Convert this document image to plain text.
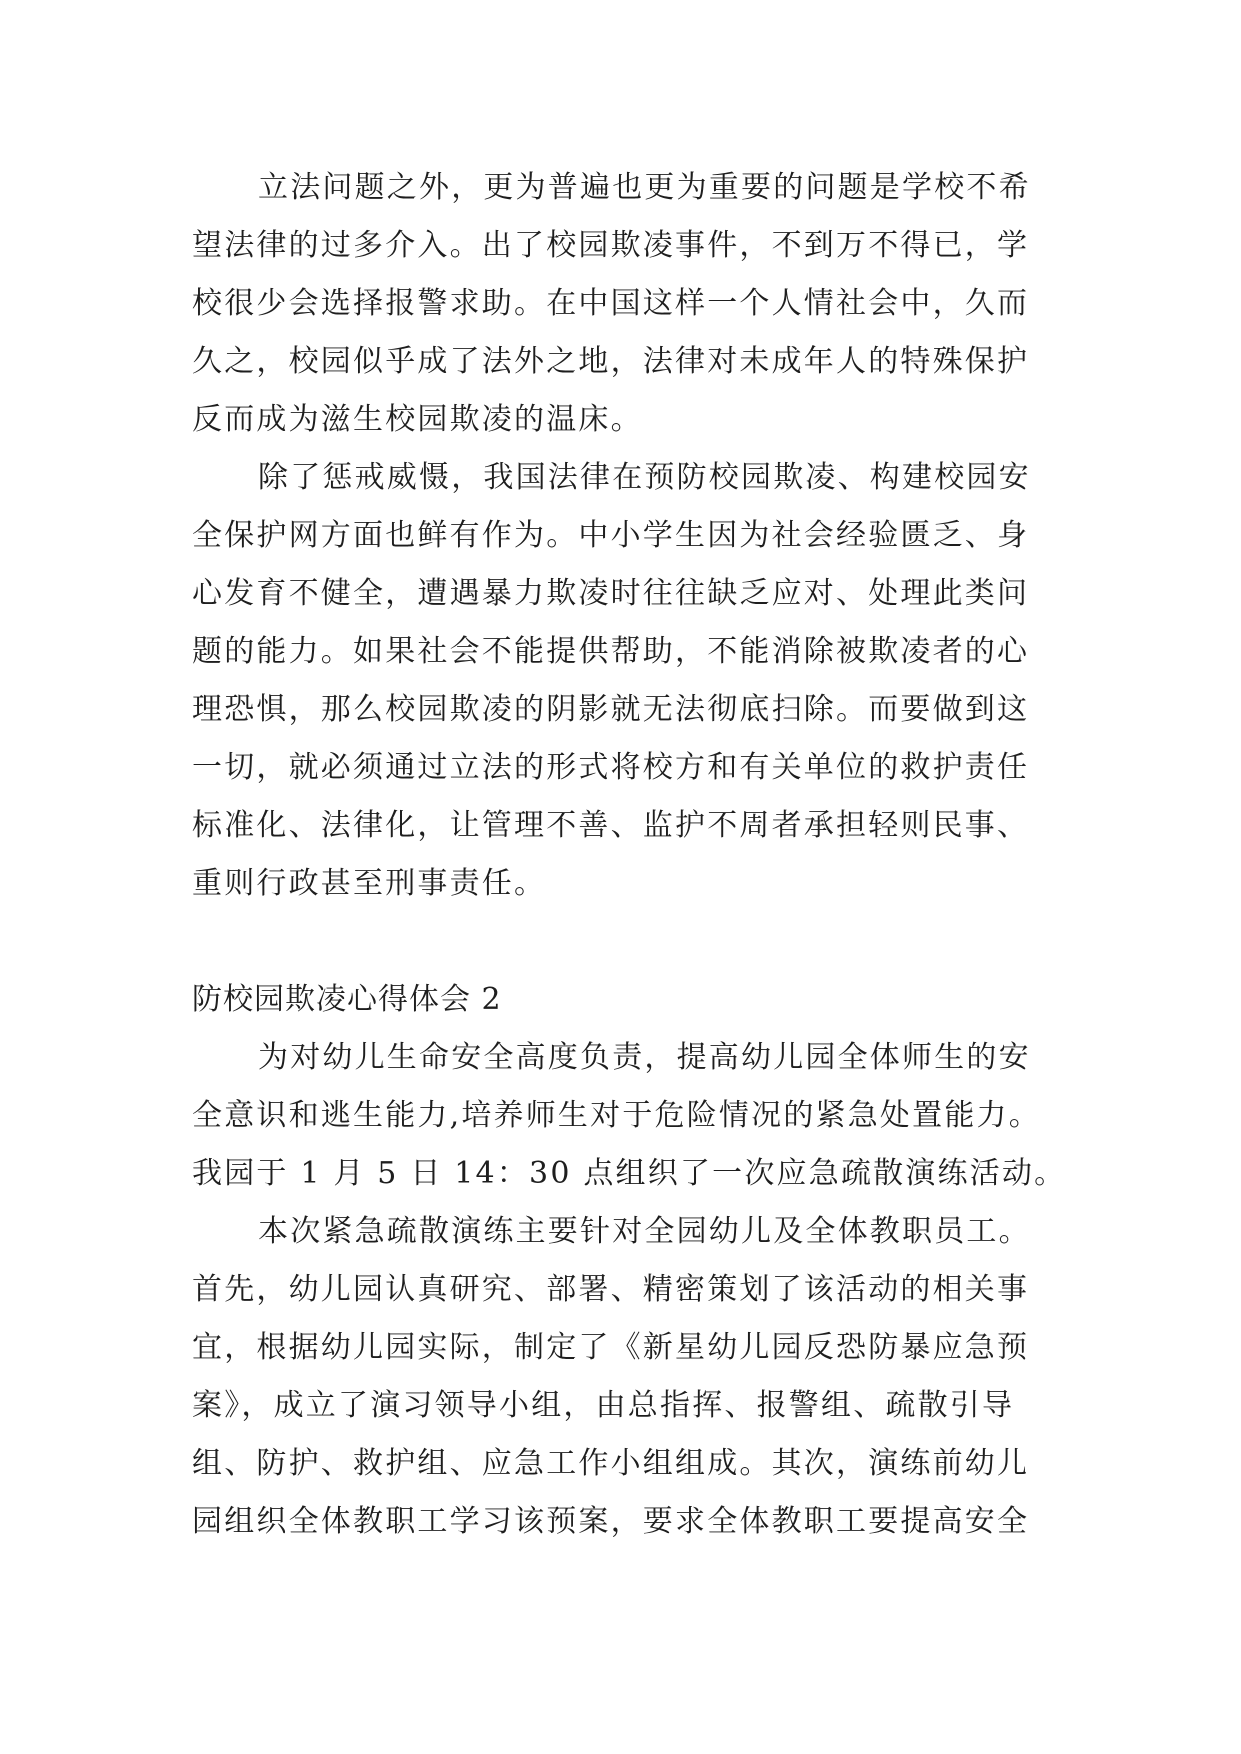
立法问题之外，更为普遍也更为重要的问题是学校不希
望法律的过多介入。出了校园欺凌事件，不到万不得已，学
校很少会选择报警求助。在中国这样一个人情社会中，久而
久之，校园似乎成了法外之地，法律对未成年人的特殊保护
反而成为滋生校园欺凌的温床。
除了惩戒威慑，我国法律在预防校园欺凌、构建校园安
全保护网方面也鲜有作为。中小学生因为社会经验匮乏、身
心发育不健全，遭遇暴力欺凌时往往缺乏应对、处理此类问
题的能力。如果社会不能提供帮助，不能消除被欺凌者的心
理恐惧，那么校园欺凌的阴影就无法彻底扫除。而要做到这
一切，就必须通过立法的形式将校方和有关单位的救护责任
标准化、法律化，让管理不善、监护不周者承担轻则民事、
重则行政甚至刑事责任。
防校园欺凌心得体会 2
为对幼儿生命安全高度负责，提高幼儿园全体师生的安
全意识和逃生能力,培养师生对于危险情况的紧急处置能力。
我园于 1 月 5 日 14：30 点组织了一次应急疏散演练活动。
本次紧急疏散演练主要针对全园幼儿及全体教职员工。
首先，幼儿园认真研究、部署、精密策划了该活动的相关事
宜，根据幼儿园实际，制定了《新星幼儿园反恐防暴应急预
案》，成立了演习领导小组，由总指挥、报警组、疏散引导
组、防护、救护组、应急工作小组组成。其次，演练前幼儿
园组织全体教职工学习该预案，要求全体教职工要提高安全
